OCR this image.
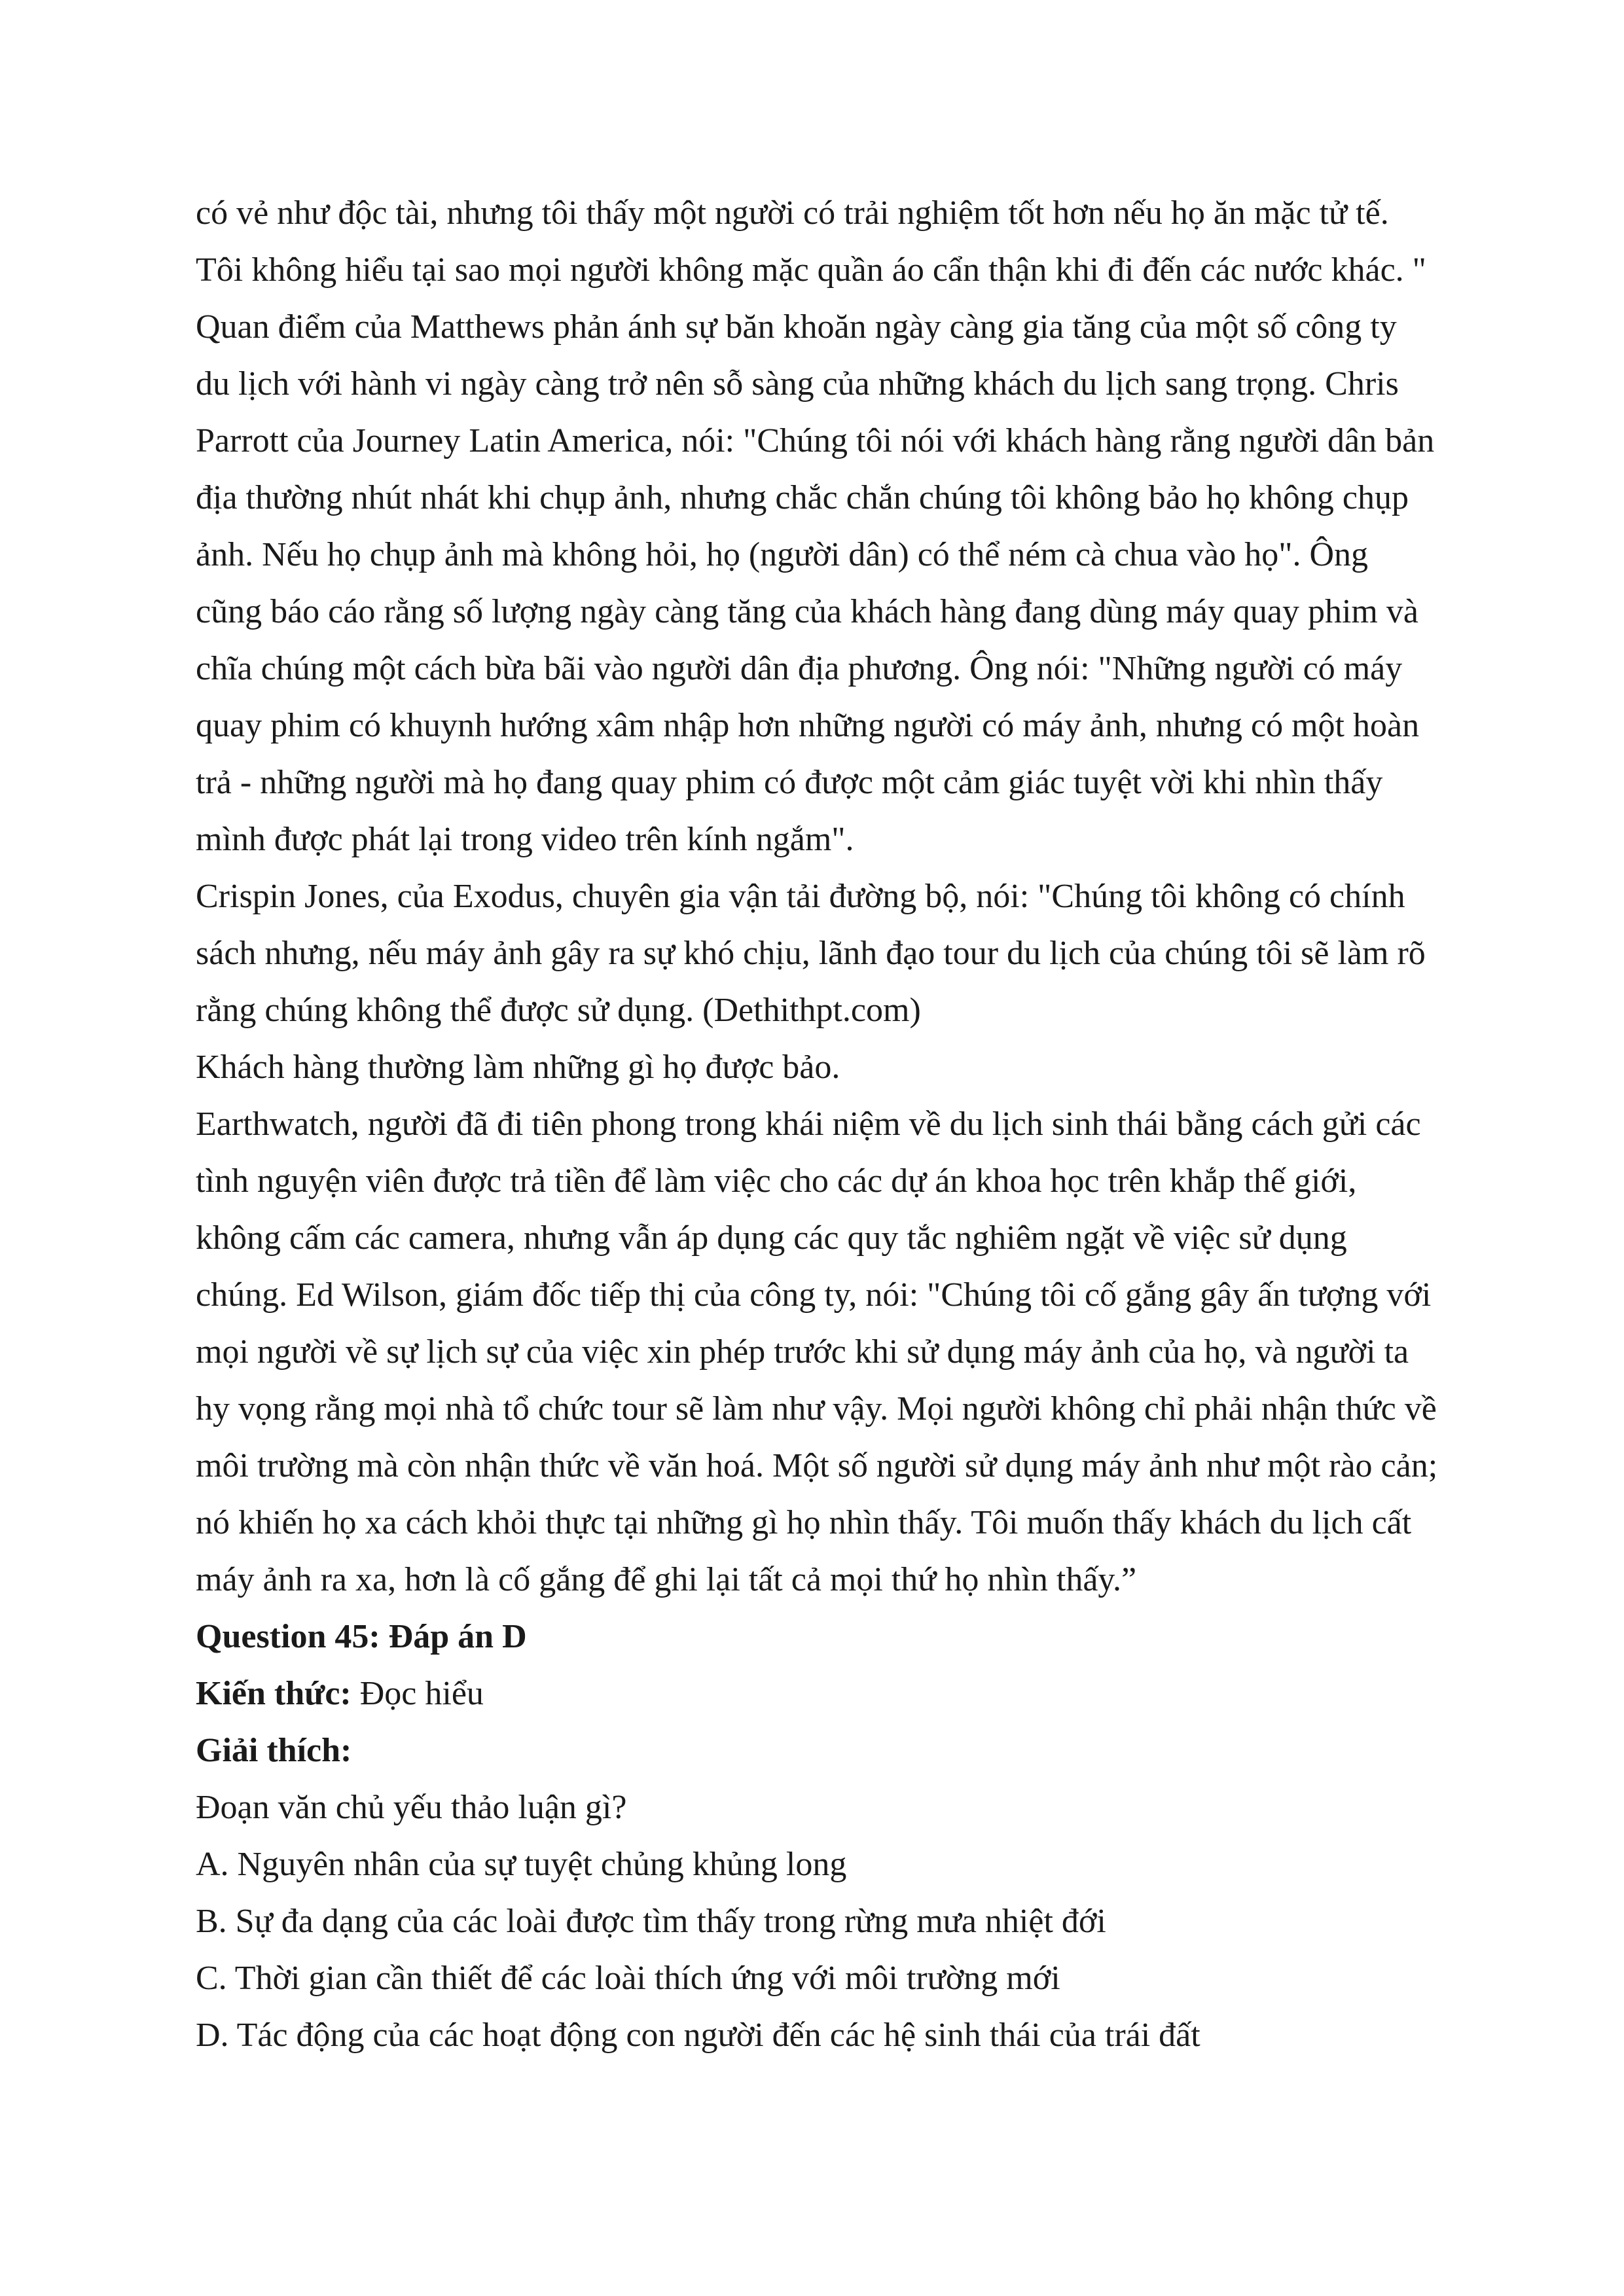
có vẻ như độc tài, nhưng tôi thấy một người có trải nghiệm tốt hơn nếu họ ăn mặc tử tế.
Tôi không hiểu tại sao mọi người không mặc quần áo cẩn thận khi đi đến các nước khác. "
Quan điểm của Matthews phản ánh sự băn khoăn ngày càng gia tăng của một số công ty
du lịch với hành vi ngày càng trở nên sỗ sàng của những khách du lịch sang trọng. Chris
Parrott của Journey Latin America, nói: "Chúng tôi nói với khách hàng rằng người dân bản
địa thường nhút nhát khi chụp ảnh, nhưng chắc chắn chúng tôi không bảo họ không chụp
ảnh. Nếu họ chụp ảnh mà không hỏi, họ (người dân) có thể ném cà chua vào họ". Ông
cũng báo cáo rằng số lượng ngày càng tăng của khách hàng đang dùng máy quay phim và
chĩa chúng một cách bừa bãi vào người dân địa phương. Ông nói: "Những người có máy
quay phim có khuynh hướng xâm nhập hơn những người có máy ảnh, nhưng có một hoàn
trả - những người mà họ đang quay phim có được một cảm giác tuyệt vời khi nhìn thấy
mình được phát lại trong video trên kính ngắm".
Crispin Jones, của Exodus, chuyên gia vận tải đường bộ, nói: "Chúng tôi không có chính
sách nhưng, nếu máy ảnh gây ra sự khó chịu, lãnh đạo tour du lịch của chúng tôi sẽ làm rõ
rằng chúng không thể được sử dụng. (Dethithpt.com)

Khách hàng thường làm những gì họ được bảo.

Earthwatch, người đã đi tiên phong trong khái niệm về du lịch sinh thái bằng cách gửi các
tình nguyện viên được trả tiền để làm việc cho các dự án khoa học trên khắp thế giới,
không cấm các camera, nhưng vẫn áp dụng các quy tắc nghiêm ngặt về việc sử dụng
chúng. Ed Wilson, giám đốc tiếp thị của công ty, nói: "Chúng tôi cố gắng gây ấn tượng với
mọi người về sự lịch sự của việc xin phép trước khi sử dụng máy ảnh của họ, và người ta
hy vọng rằng mọi nhà tổ chức tour sẽ làm như vậy. Mọi người không chỉ phải nhận thức về
môi trường mà còn nhận thức về văn hoá. Một số người sử dụng máy ảnh như một rào cản;
nó khiến họ xa cách khỏi thực tại những gì họ nhìn thấy. Tôi muốn thấy khách du lịch cất
máy ảnh ra xa, hơn là cố gắng để ghi lại tất cả mọi thứ họ nhìn thấy.”

Question 45: Đáp án D

Kiến thức: Đọc hiểu

Giải thích:

Đoạn văn chủ yếu thảo luận gì?

A. Nguyên nhân của sự tuyệt chủng khủng long

B. Sự đa dạng của các loài được tìm thấy trong rừng mưa nhiệt đới

C. Thời gian cần thiết để các loài thích ứng với môi trường mới

D. Tác động của các hoạt động con người đến các hệ sinh thái của trái đất
